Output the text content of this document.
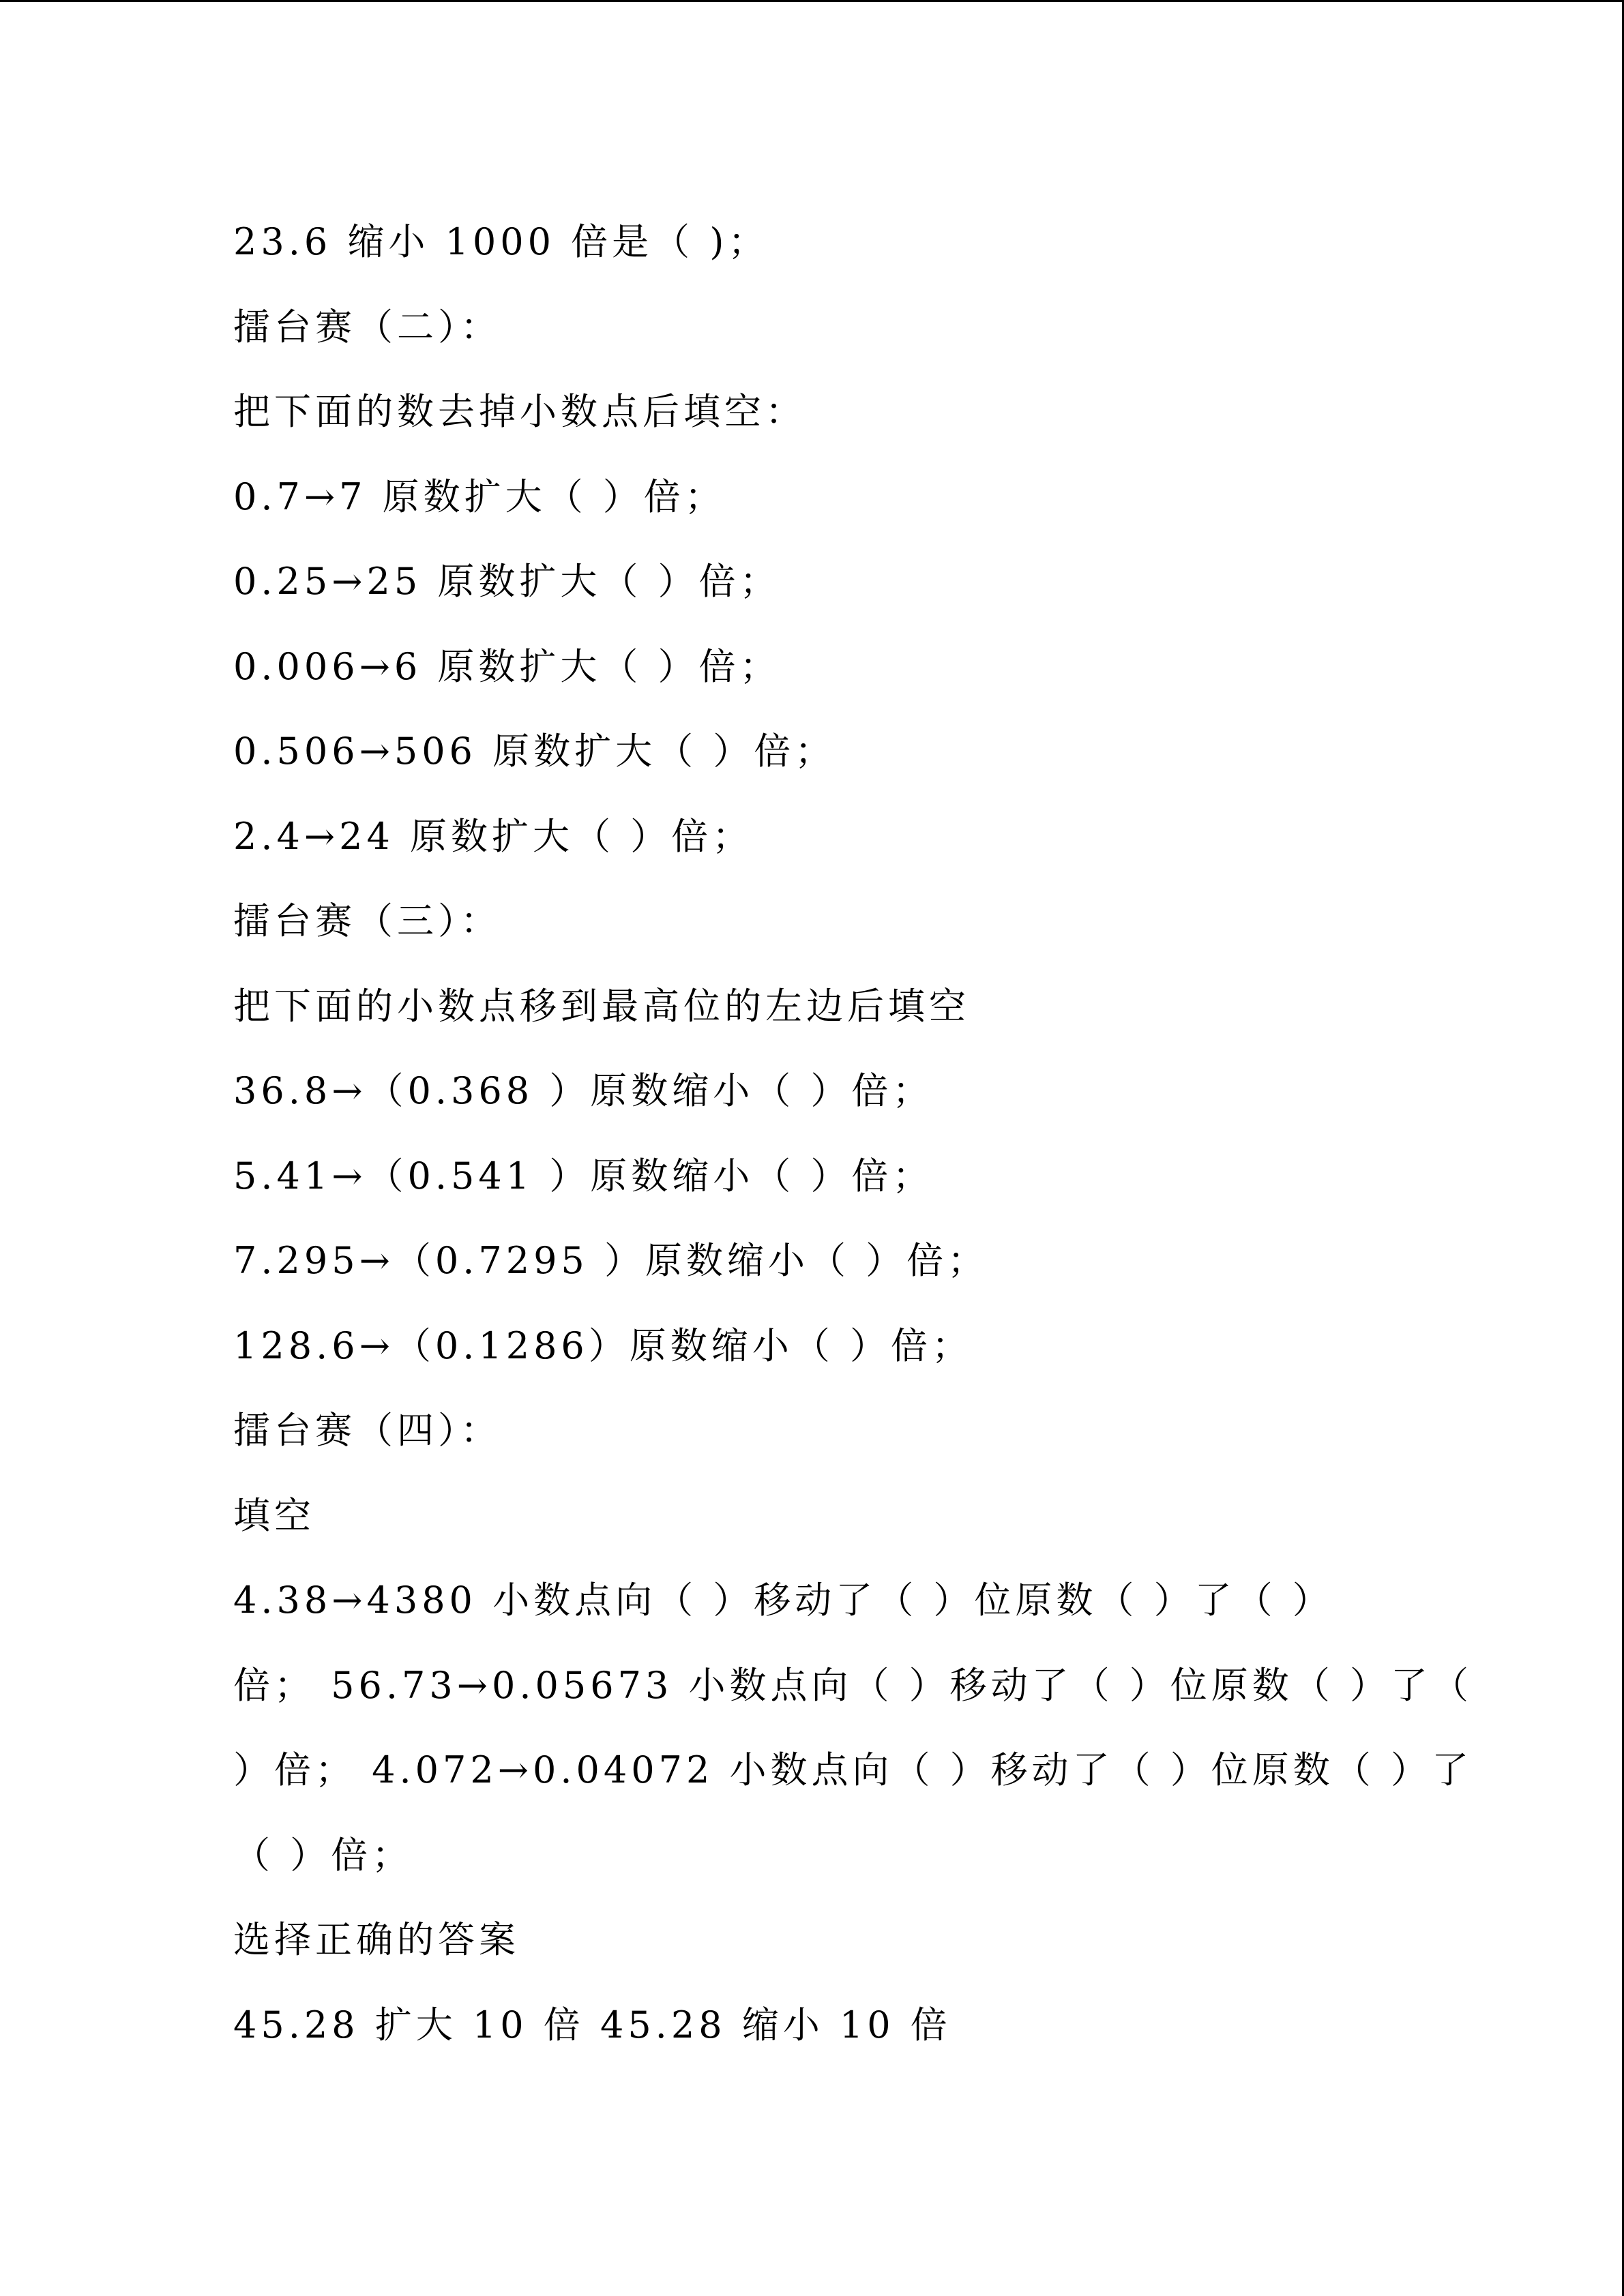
23.6 缩小 1000 倍是（ )；
擂台赛（二）：
把下面的数去掉小数点后填空：
0.7→7 原数扩大（ ）倍；
0.25→25 原数扩大（ ）倍；
0.006→6 原数扩大（ ）倍；
0.506→506 原数扩大（ ）倍；
2.4→24 原数扩大（ ）倍；
擂台赛（三）：
把下面的小数点移到最高位的左边后填空
36.8→（0.368 ）原数缩小（ ）倍；
5.41→（0.541 ）原数缩小（ ）倍；
7.295→（0.7295 ）原数缩小（ ）倍；
128.6→（0.1286）原数缩小（ ）倍；
擂台赛（四）：
填空
4.38→4380 小数点向（ ）移动了（ ）位原数（ ）了（ ）
倍； 56.73→0.05673 小数点向（ ）移动了（ ）位原数（ ）了（
）倍； 4.072→0.04072 小数点向（ ）移动了（ ）位原数（ ）了
（ ）倍；
选择正确的答案
45.28 扩大 10 倍 45.28 缩小 10 倍
